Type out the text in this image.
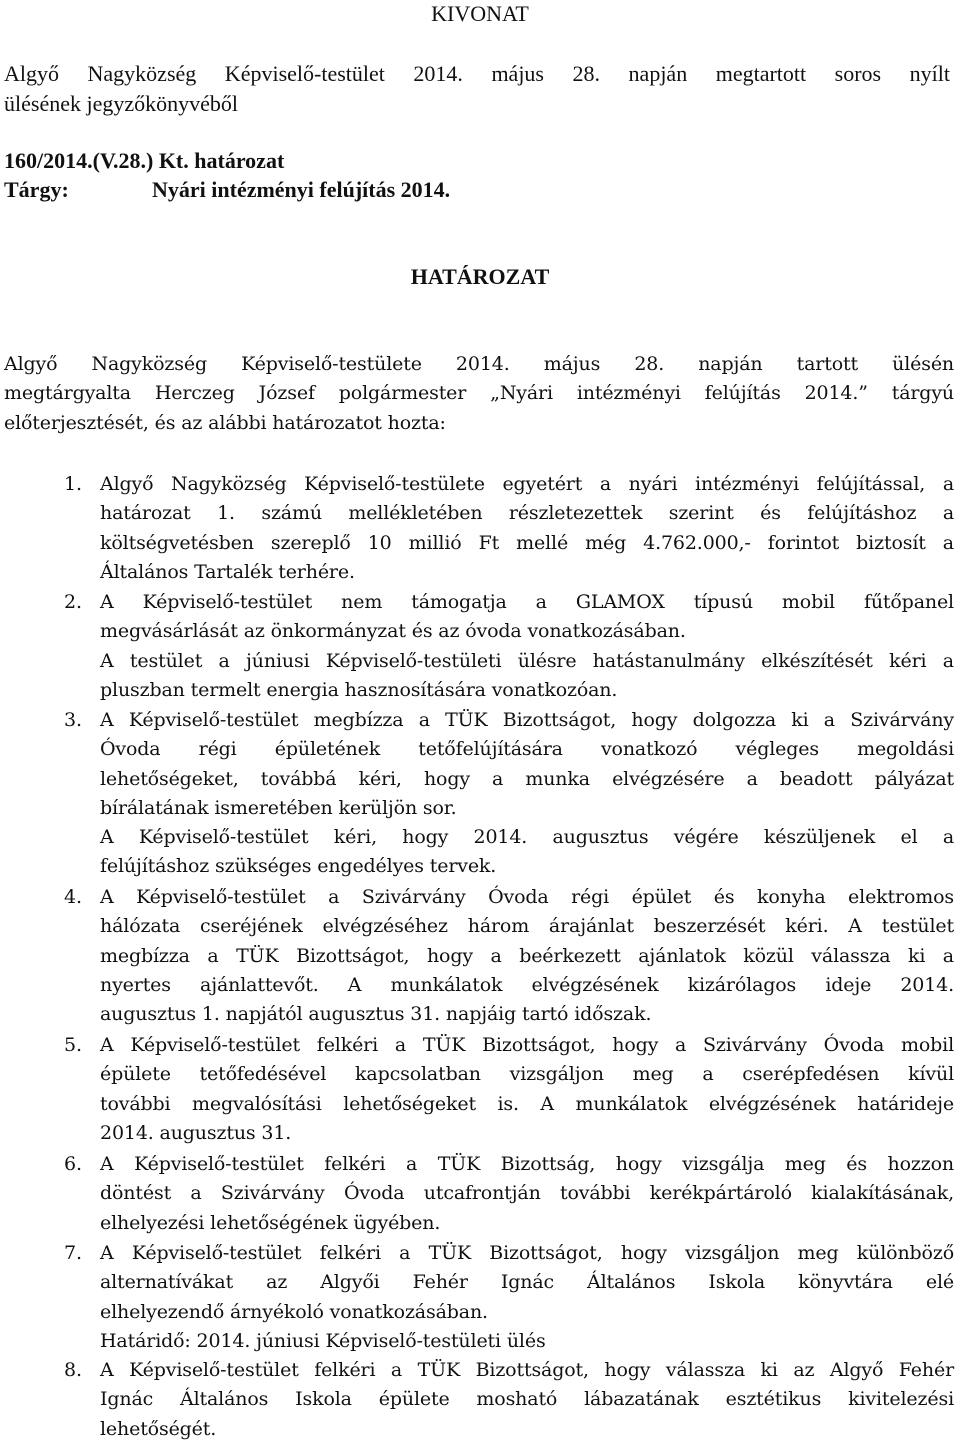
KIVONAT
Algyő Nagyközség Képviselő-testület 2014. május 28. napján megtartott soros nyílt
ülésének jegyzőkönyvéből
160/2014.(V.28.) Kt. határozat
Tárgy:	Nyári intézményi felújítás 2014.
HATÁROZAT
Algyő Nagyközség Képviselő-testülete 2014. május 28. napján tartott ülésén
megtárgyalta Herczeg József polgármester „Nyári intézményi felújítás 2014.” tárgyú
előterjesztését, és az alábbi határozatot hozta:
1. Algyő Nagyközség Képviselő-testülete egyetért a nyári intézményi felújítással, a
határozat 1. számú mellékletében részletezettek szerint és felújításhoz a
költségvetésben szereplő 10 millió Ft mellé még 4.762.000,- forintot biztosít a
Általános Tartalék terhére.
2. A Képviselő-testület nem támogatja a GLAMOX típusú mobil fűtőpanel
megvásárlását az önkormányzat és az óvoda vonatkozásában.
A testület a júniusi Képviselő-testületi ülésre hatástanulmány elkészítését kéri a
pluszban termelt energia hasznosítására vonatkozóan.
3. A Képviselő-testület megbízza a TÜK Bizottságot, hogy dolgozza ki a Szivárvány
Óvoda régi épületének tetőfelújítására vonatkozó végleges megoldási
lehetőségeket, továbbá kéri, hogy a munka elvégzésére a beadott pályázat
bírálatának ismeretében kerüljön sor.
A Képviselő-testület kéri, hogy 2014. augusztus végére készüljenek el a
felújításhoz szükséges engedélyes tervek.
4. A Képviselő-testület a Szivárvány Óvoda régi épület és konyha elektromos
hálózata cseréjének elvégzéséhez három árajánlat beszerzését kéri. A testület
megbízza a TÜK Bizottságot, hogy a beérkezett ajánlatok közül válassza ki a
nyertes ajánlattevőt. A munkálatok elvégzésének kizárólagos ideje 2014.
augusztus 1. napjától augusztus 31. napjáig tartó időszak.
5. A Képviselő-testület felkéri a TÜK Bizottságot, hogy a Szivárvány Óvoda mobil
épülete tetőfedésével kapcsolatban vizsgáljon meg a cserépfedésen kívül
további megvalósítási lehetőségeket is. A munkálatok elvégzésének határideje
2014. augusztus 31.
6. A Képviselő-testület felkéri a TÜK Bizottság, hogy vizsgálja meg és hozzon
döntést a Szivárvány Óvoda utcafrontján további kerékpártároló kialakításának,
elhelyezési lehetőségének ügyében.
7. A Képviselő-testület felkéri a TÜK Bizottságot, hogy vizsgáljon meg különböző
alternatívákat az Algyői Fehér Ignác Általános Iskola könyvtára elé
elhelyezendő árnyékoló vonatkozásában.
Határidő: 2014. júniusi Képviselő-testületi ülés
8. A Képviselő-testület felkéri a TÜK Bizottságot, hogy válassza ki az Algyő Fehér
Ignác Általános Iskola épülete mosható lábazatának esztétikus kivitelezési
lehetőségét.
